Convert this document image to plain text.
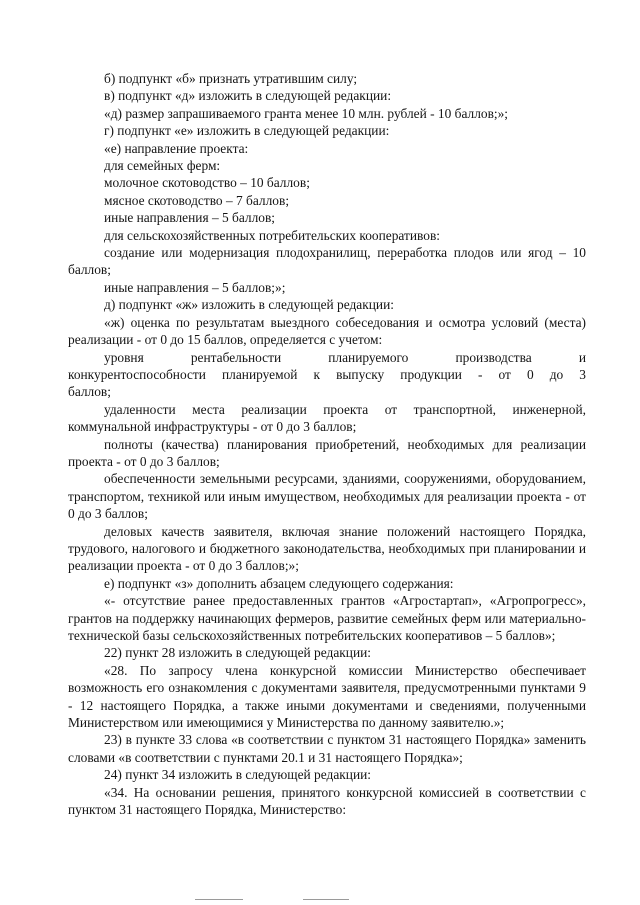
б) подпункт «б» признать утратившим силу;

в) подпункт «д» изложить в следующей редакции:

«д) размер запрашиваемого гранта менее 10 млн. рублей - 10 баллов;»;

г) подпункт «е» изложить в следующей редакции:

«е) направление проекта:

для семейных ферм:

молочное скотоводство – 10 баллов;

мясное скотоводство – 7 баллов;

иные направления – 5 баллов;

для сельскохозяйственных потребительских кооперативов:

создание или модернизация плодохранилищ, переработка плодов или ягод – 10 баллов;

иные направления – 5 баллов;»;

д) подпункт «ж» изложить в следующей редакции:

«ж) оценка по результатам выездного собеседования и осмотра условий (места) реализации - от 0 до 15 баллов, определяется с учетом:

уровня рентабельности планируемого производства и конкурентоспособности планируемой к выпуску продукции - от 0 до 3 баллов;

удаленности места реализации проекта от транспортной, инженерной, коммунальной инфраструктуры - от 0 до 3 баллов;

полноты (качества) планирования приобретений, необходимых для реализации проекта - от 0 до 3 баллов;

обеспеченности земельными ресурсами, зданиями, сооружениями, оборудованием, транспортом, техникой или иным имуществом, необходимых для реализации проекта - от 0 до 3 баллов;

деловых качеств заявителя, включая знание положений настоящего Порядка, трудового, налогового и бюджетного законодательства, необходимых при планировании и реализации проекта - от 0 до 3 баллов;»;

е) подпункт «з» дополнить абзацем следующего содержания:

«- отсутствие ранее предоставленных грантов «Агростартап», «Агропрогресс», грантов на поддержку начинающих фермеров, развитие семейных ферм или материально-технической базы сельскохозяйственных потребительских кооперативов – 5 баллов»;

22) пункт 28 изложить в следующей редакции:

«28. По запросу члена конкурсной комиссии Министерство обеспечивает возможность его ознакомления с документами заявителя, предусмотренными пунктами 9 - 12 настоящего Порядка, а также иными документами и сведениями, полученными Министерством или имеющимися у Министерства по данному заявителю.»;

23) в пункте 33 слова «в соответствии с пунктом 31 настоящего Порядка» заменить словами «в соответствии с пунктами 20.1 и 31 настоящего Порядка»;

24) пункт 34 изложить в следующей редакции:

«34. На основании решения, принятого конкурсной комиссией в соответствии с пунктом 31 настоящего Порядка, Министерство:
